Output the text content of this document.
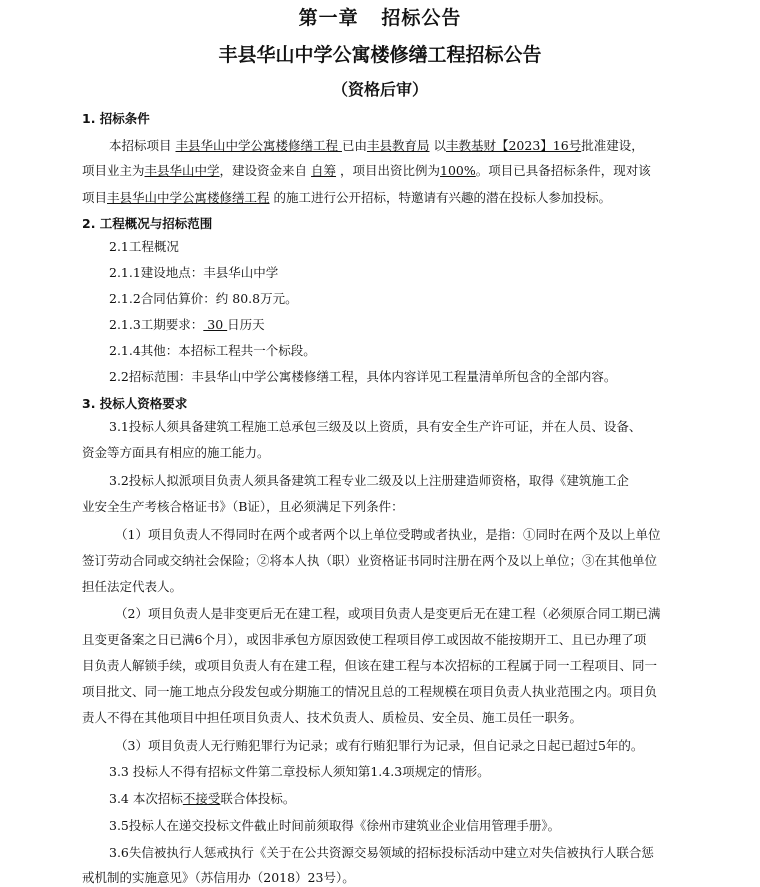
第一章   招标公告
丰县华山中学公寓楼修缮工程招标公告
（资格后审）
1. 招标条件
本招标项目 丰县华山中学公寓楼修缮工程 已由丰县教育局 以丰教基财【2023】16号批准建设，
项目业主为丰县华山中学，建设资金来自 自筹 ，项目出资比例为100%。项目已具备招标条件，现对该
项目丰县华山中学公寓楼修缮工程 的施工进行公开招标，特邀请有兴趣的潜在投标人参加投标。
2. 工程概况与招标范围
2.1工程概况
2.1.1建设地点：丰县华山中学
2.1.2合同估算价：约 80.8万元。
2.1.3工期要求： 30 日历天
2.1.4其他：本招标工程共一个标段。
2.2招标范围：丰县华山中学公寓楼修缮工程，具体内容详见工程量清单所包含的全部内容。
3. 投标人资格要求
3.1投标人须具备建筑工程施工总承包三级及以上资质，具有安全生产许可证，并在人员、设备、
资金等方面具有相应的施工能力。
3.2投标人拟派项目负责人须具备建筑工程专业二级及以上注册建造师资格，取得《建筑施工企
业安全生产考核合格证书》（B证），且必须满足下列条件：
（1）项目负责人不得同时在两个或者两个以上单位受聘或者执业，是指：①同时在两个及以上单位
签订劳动合同或交纳社会保险；②将本人执（职）业资格证书同时注册在两个及以上单位；③在其他单位
担任法定代表人。
（2）项目负责人是非变更后无在建工程，或项目负责人是变更后无在建工程（必须原合同工期已满
且变更备案之日已满6个月），或因非承包方原因致使工程项目停工或因故不能按期开工、且已办理了项
目负责人解锁手续，或项目负责人有在建工程，但该在建工程与本次招标的工程属于同一工程项目、同一
项目批文、同一施工地点分段发包或分期施工的情况且总的工程规模在项目负责人执业范围之内。项目负
责人不得在其他项目中担任项目负责人、技术负责人、质检员、安全员、施工员任一职务。
（3）项目负责人无行贿犯罪行为记录；或有行贿犯罪行为记录，但自记录之日起已超过5年的。
3.3 投标人不得有招标文件第二章投标人须知第1.4.3项规定的情形。
3.4 本次招标不接受联合体投标。
3.5投标人在递交投标文件截止时间前须取得《徐州市建筑业企业信用管理手册》。
3.6失信被执行人惩戒执行《关于在公共资源交易领域的招标投标活动中建立对失信被执行人联合惩
戒机制的实施意见》（苏信用办（2018）23号）。
